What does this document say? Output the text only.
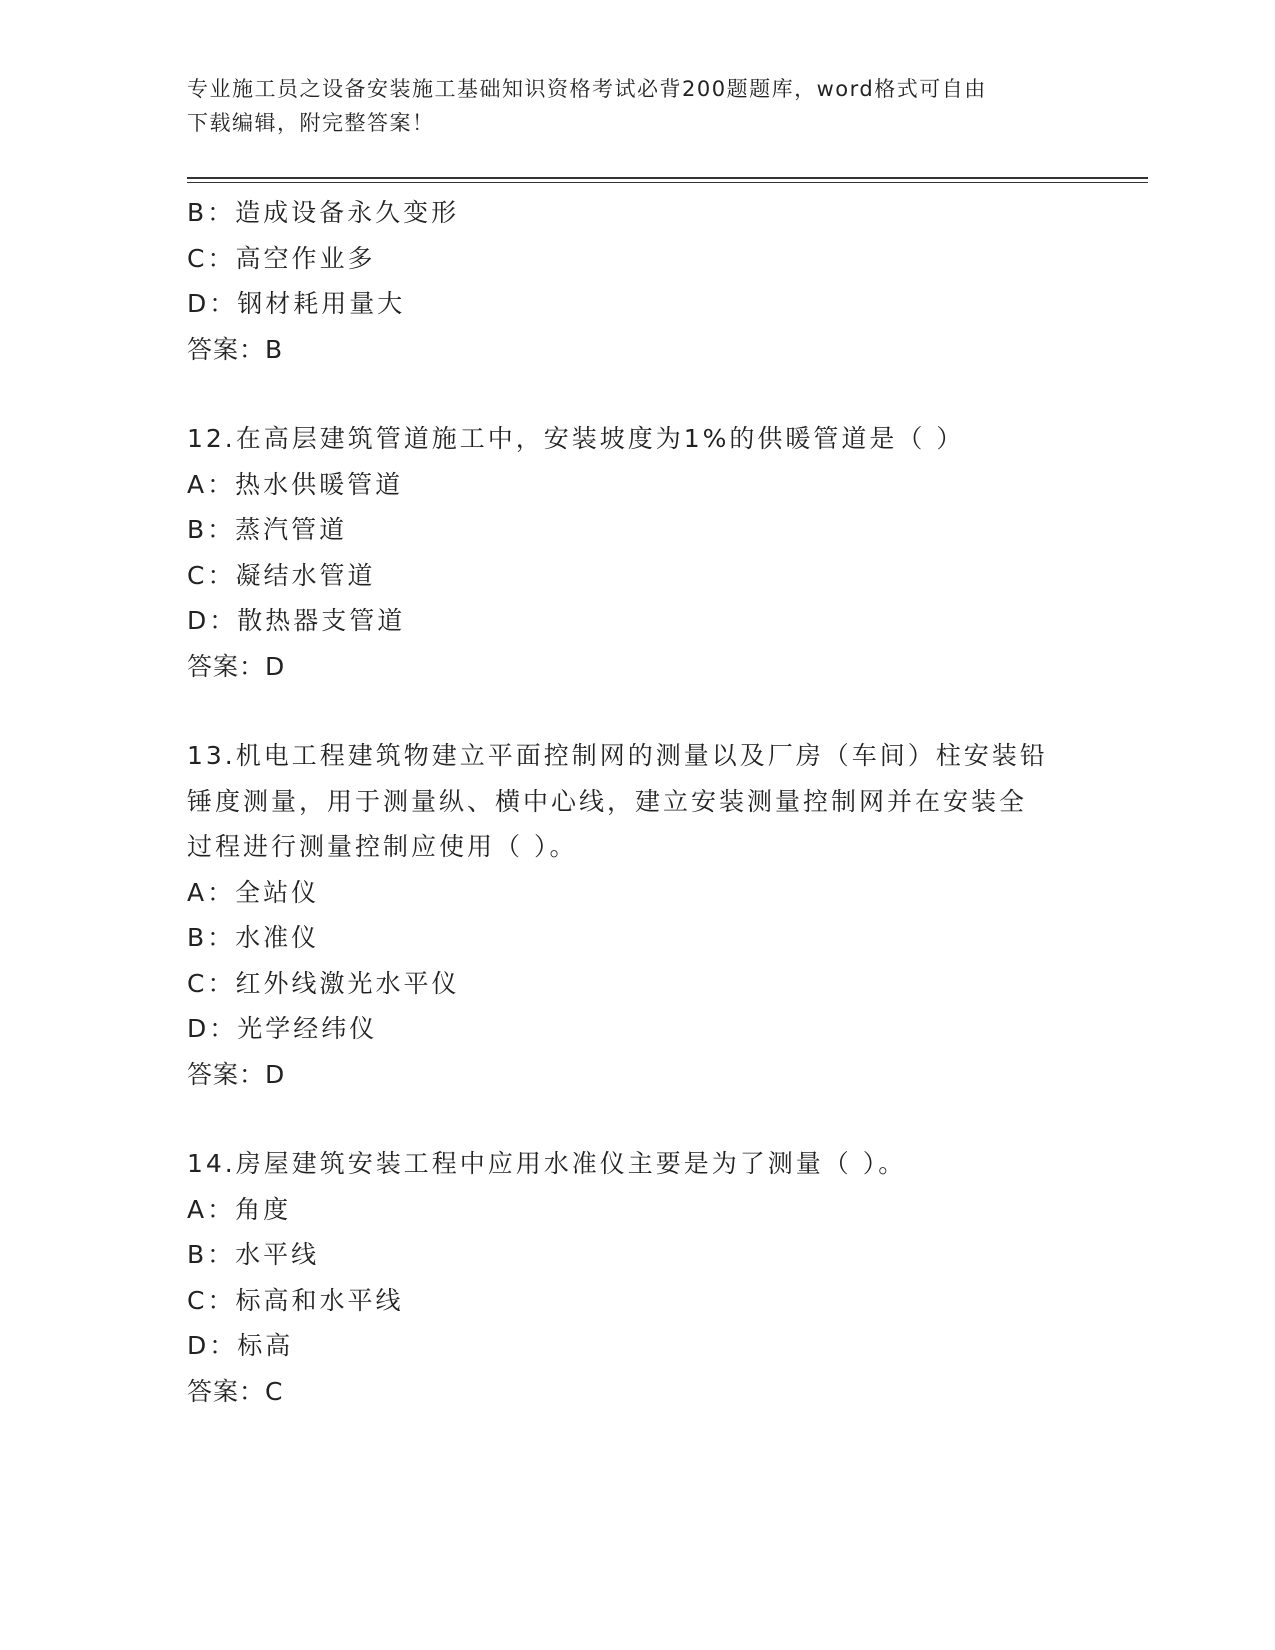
专业施工员之设备安装施工基础知识资格考试必背200题题库，word格式可自由
下载编辑，附完整答案！
B：造成设备永久变形
C：高空作业多
D：钢材耗用量大
答案：B
12.在高层建筑管道施工中，安装坡度为1%的供暖管道是（ ）
A：热水供暖管道
B：蒸汽管道
C：凝结水管道
D：散热器支管道
答案：D
13.机电工程建筑物建立平面控制网的测量以及厂房（车间）柱安装铅
锤度测量，用于测量纵、横中心线，建立安装测量控制网并在安装全
过程进行测量控制应使用（ ）。
A：全站仪
B：水准仪
C：红外线激光水平仪
D：光学经纬仪
答案：D
14.房屋建筑安装工程中应用水准仪主要是为了测量（ ）。
A：角度
B：水平线
C：标高和水平线
D：标高
答案：C
